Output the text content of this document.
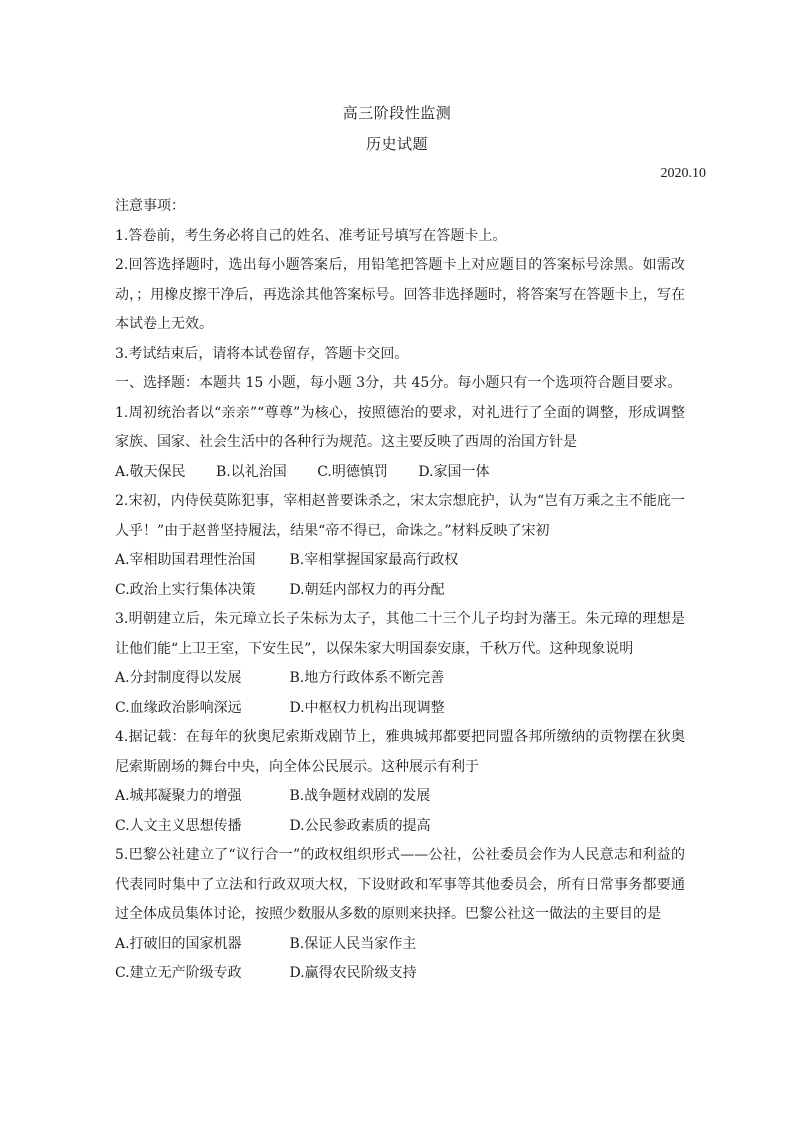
高三阶段性监测
历史试题
2020.10

注意事项：

1.答卷前，考生务必将自己的姓名、准考证号填写在答题卡上。

2.回答选择题时，选出每小题答案后，用铅笔把答题卡上对应题目的答案标号涂黑。如需改动，；用橡皮擦干净后，再选涂其他答案标号。回答非选择题时，将答案写在答题卡上，写在本试卷上无效。

3.考试结束后，请将本试卷留存，答题卡交回。

一、选择题：本题共 15 小题，每小题 3分，共 45分。每小题只有一个选项符合题目要求。

1.周初统治者以“亲亲”“尊尊”为核心，按照德治的要求，对礼进行了全面的调整，形成调整家族、国家、社会生活中的各种行为规范。这主要反映了西周的治国方针是

A.敬天保民 B.以礼治国 C.明德慎罚 D.家国一体

2.宋初，内侍侯莫陈犯事，宰相赵普要诛杀之，宋太宗想庇护，认为“岂有万乘之主不能庇一人乎！”由于赵普坚持履法，结果“帝不得已，命诛之。”材料反映了宋初

A.宰相助国君理性治国 B.宰相掌握国家最高行政权

C.政治上实行集体决策 D.朝廷内部权力的再分配

3.明朝建立后，朱元璋立长子朱标为太子，其他二十三个儿子均封为藩王。朱元璋的理想是让他们能“上卫王室，下安生民”，以保朱家大明国泰安康，千秋万代。这种现象说明

A.分封制度得以发展	B.地方行政体系不断完善

C.血缘政治影响深远	D.中枢权力机构出现调整

4.据记载：在每年的狄奥尼索斯戏剧节上，雅典城邦都要把同盟各邦所缴纳的贡物摆在狄奥尼索斯剧场的舞台中央，向全体公民展示。这种展示有利于

A.城邦凝聚力的增强	B.战争题材戏剧的发展

C.人文主义思想传播	D.公民参政素质的提高

5.巴黎公社建立了“议行合一”的政权组织形式——公社，公社委员会作为人民意志和利益的代表同时集中了立法和行政双项大权，下设财政和军事等其他委员会，所有日常事务都要通过全体成员集体讨论，按照少数服从多数的原则来抉择。巴黎公社这一做法的主要目的是

A.打破旧的国家机器	B.保证人民当家作主

C.建立无产阶级专政	D.赢得农民阶级支持
